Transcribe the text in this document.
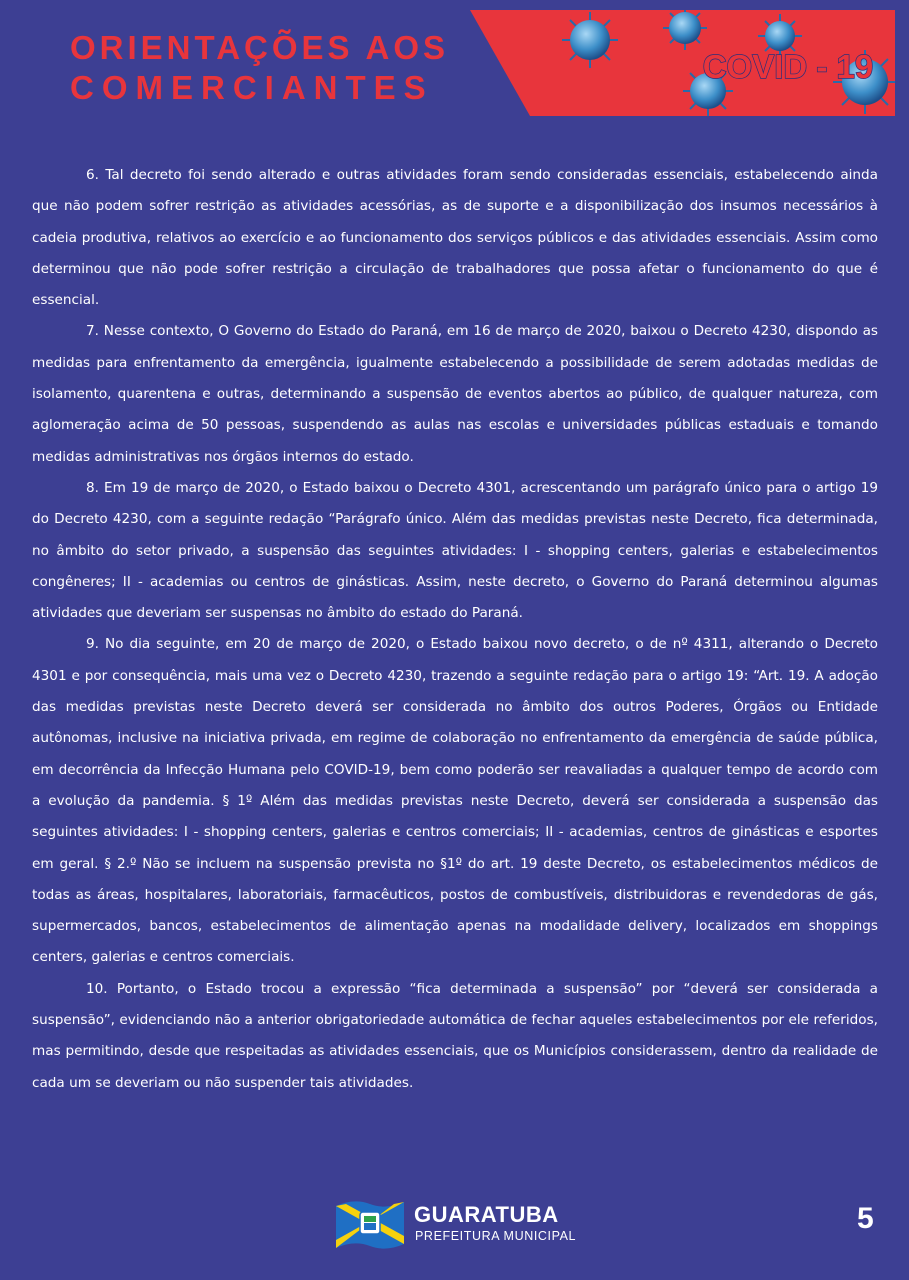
ORIENTAÇÕES AOS
COMERCIANTES
COVID - 19

6. Tal decreto foi sendo alterado e outras atividades foram sendo consideradas essenciais, estabelecendo ainda que não podem sofrer restrição as atividades acessórias, as de suporte e a disponibilização dos insumos necessários à cadeia produtiva, relativos ao exercício e ao funcionamento dos serviços públicos e das atividades essenciais. Assim como determinou que não pode sofrer restrição a circulação de trabalhadores que possa afetar o funcionamento do que é essencial.

7. Nesse contexto, O Governo do Estado do Paraná, em 16 de março de 2020, baixou o Decreto 4230, dispondo as medidas para enfrentamento da emergência, igualmente estabelecendo a possibilidade de serem adotadas medidas de isolamento, quarentena e outras, determinando a suspensão de eventos abertos ao público, de qualquer natureza, com aglomeração acima de 50 pessoas, suspendendo as aulas nas escolas e universidades públicas estaduais e tomando medidas administrativas nos órgãos internos do estado.

8. Em 19 de março de 2020, o Estado baixou o Decreto 4301, acrescentando um parágrafo único para o artigo 19 do Decreto 4230, com a seguinte redação “Parágrafo único. Além das medidas previstas neste Decreto, fica determinada, no âmbito do setor privado, a suspensão das seguintes atividades: I - shopping centers, galerias e estabelecimentos congêneres; II - academias ou centros de ginásticas. Assim, neste decreto, o Governo do Paraná determinou algumas atividades que deveriam ser suspensas no âmbito do estado do Paraná.

9. No dia seguinte, em 20 de março de 2020, o Estado baixou novo decreto, o de nº 4311, alterando o Decreto 4301 e por consequência, mais uma vez o Decreto 4230, trazendo a seguinte redação para o artigo 19: “Art. 19. A adoção das medidas previstas neste Decreto deverá ser considerada no âmbito dos outros Poderes, Órgãos ou Entidade autônomas, inclusive na iniciativa privada, em regime de colaboração no enfrentamento da emergência de saúde pública, em decorrência da Infecção Humana pelo COVID-19, bem como poderão ser reavaliadas a qualquer tempo de acordo com a evolução da pandemia. § 1º Além das medidas previstas neste Decreto, deverá ser considerada a suspensão das seguintes atividades: I - shopping centers, galerias e centros comerciais; II - academias, centros de ginásticas e esportes em geral. § 2.º Não se incluem na suspensão prevista no §1º do art. 19 deste Decreto, os estabelecimentos médicos de todas as áreas, hospitalares, laboratoriais, farmacêuticos, postos de combustíveis, distribuidoras e revendedoras de gás, supermercados, bancos, estabelecimentos de alimentação apenas na modalidade delivery, localizados em shoppings centers, galerias e centros comerciais.

10. Portanto, o Estado trocou a expressão “fica determinada a suspensão” por “deverá ser considerada a suspensão”, evidenciando não a anterior obrigatoriedade automática de fechar aqueles estabelecimentos por ele referidos, mas permitindo, desde que respeitadas as atividades essenciais, que os Municípios considerassem, dentro da realidade de cada um se deveriam ou não suspender tais atividades.

GUARATUBA
PREFEITURA MUNICIPAL
5
